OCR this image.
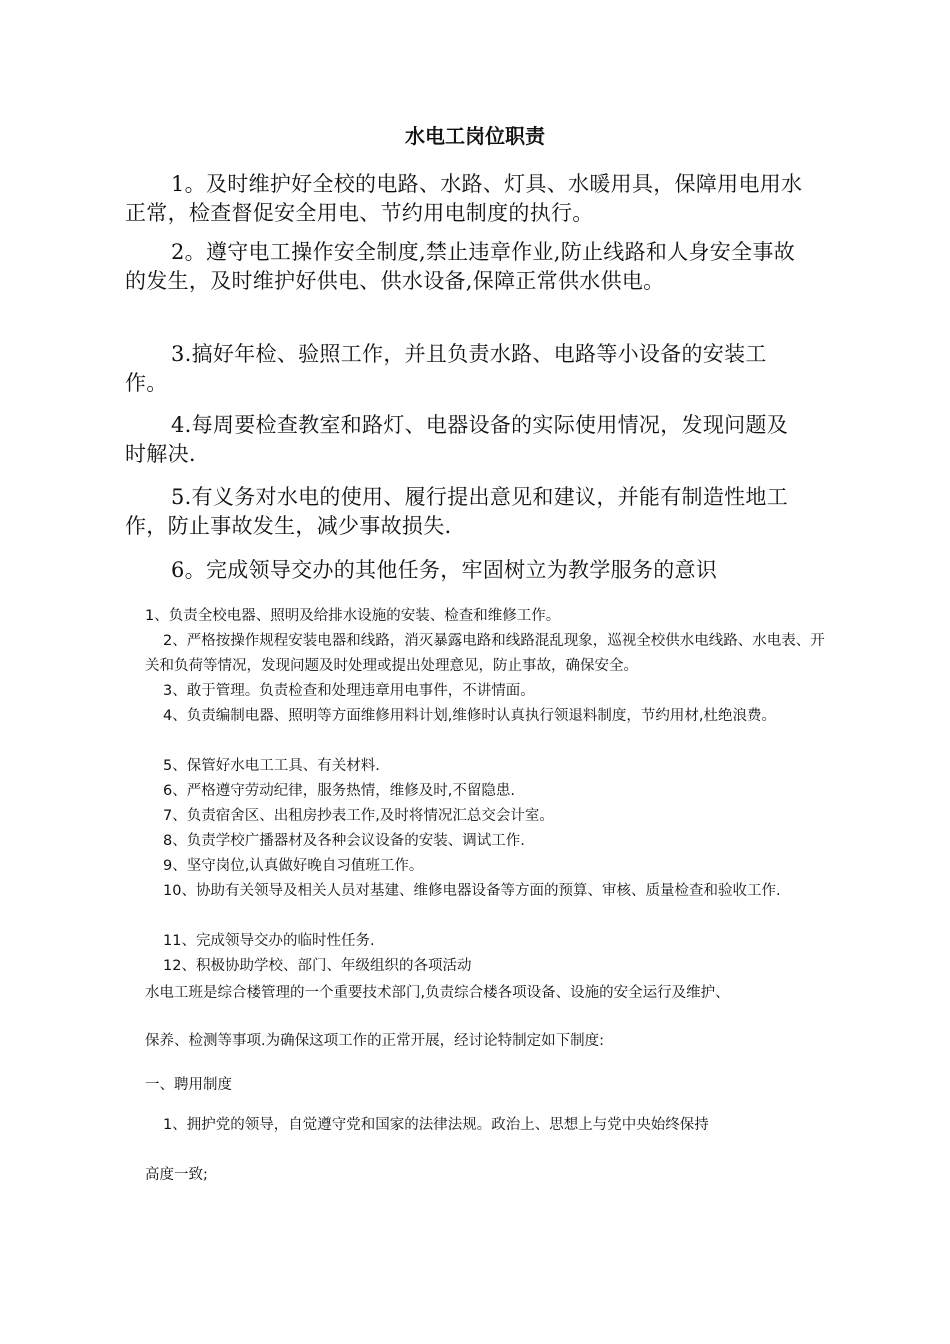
水电工岗位职责
1。及时维护好全校的电路、水路、灯具、水暖用具，保障用电用水正常，检查督促安全用电、节约用电制度的执行。
2。遵守电工操作安全制度,禁止违章作业,防止线路和人身安全事故的发生，及时维护好供电、供水设备,保障正常供水供电。
3.搞好年检、验照工作，并且负责水路、电路等小设备的安装工作。
4.每周要检查教室和路灯、电器设备的实际使用情况，发现问题及时解决.
5.有义务对水电的使用、履行提出意见和建议，并能有制造性地工作，防止事故发生，减少事故损失.
6。完成领导交办的其他任务，牢固树立为教学服务的意识
1、负责全校电器、照明及给排水设施的安装、检查和维修工作。
2、严格按操作规程安装电器和线路，消灭暴露电路和线路混乱现象，巡视全校供水电线路、水电表、开关和负荷等情况，发现问题及时处理或提出处理意见，防止事故，确保安全。
3、敢于管理。负责检查和处理违章用电事件，不讲情面。
4、负责编制电器、照明等方面维修用料计划,维修时认真执行领退料制度，节约用材,杜绝浪费。
5、保管好水电工工具、有关材料.
6、严格遵守劳动纪律，服务热情，维修及时,不留隐患.
7、负责宿舍区、出租房抄表工作,及时将情况汇总交会计室。
8、负责学校广播器材及各种会议设备的安装、调试工作.
9、坚守岗位,认真做好晚自习值班工作。
10、协助有关领导及相关人员对基建、维修电器设备等方面的预算、审核、质量检查和验收工作.
11、完成领导交办的临时性任务.
12、积极协助学校、部门、年级组织的各项活动
水电工班是综合楼管理的一个重要技术部门,负责综合楼各项设备、设施的安全运行及维护、
保养、检测等事项.为确保这项工作的正常开展，经讨论特制定如下制度:
一、聘用制度
1、拥护党的领导，自觉遵守党和国家的法律法规。政治上、思想上与党中央始终保持
高度一致;
